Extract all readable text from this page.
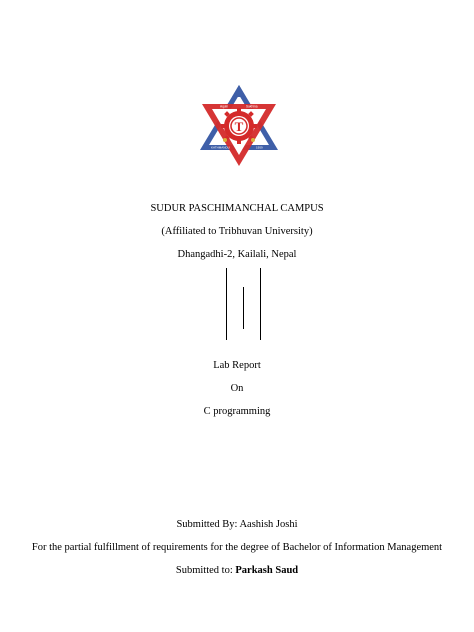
T
Aquin	Sakhina
KATHMANDU	1959
SUDUR PASCHIMANCHAL CAMPUS
(Affiliated to Tribhuvan University)
Dhangadhi-2, Kailali, Nepal
Lab Report
On
C programming
Submitted By: Aashish Joshi
For the partial fulfillment of requirements for the degree of Bachelor of Information Management
Submitted to: Parkash Saud
